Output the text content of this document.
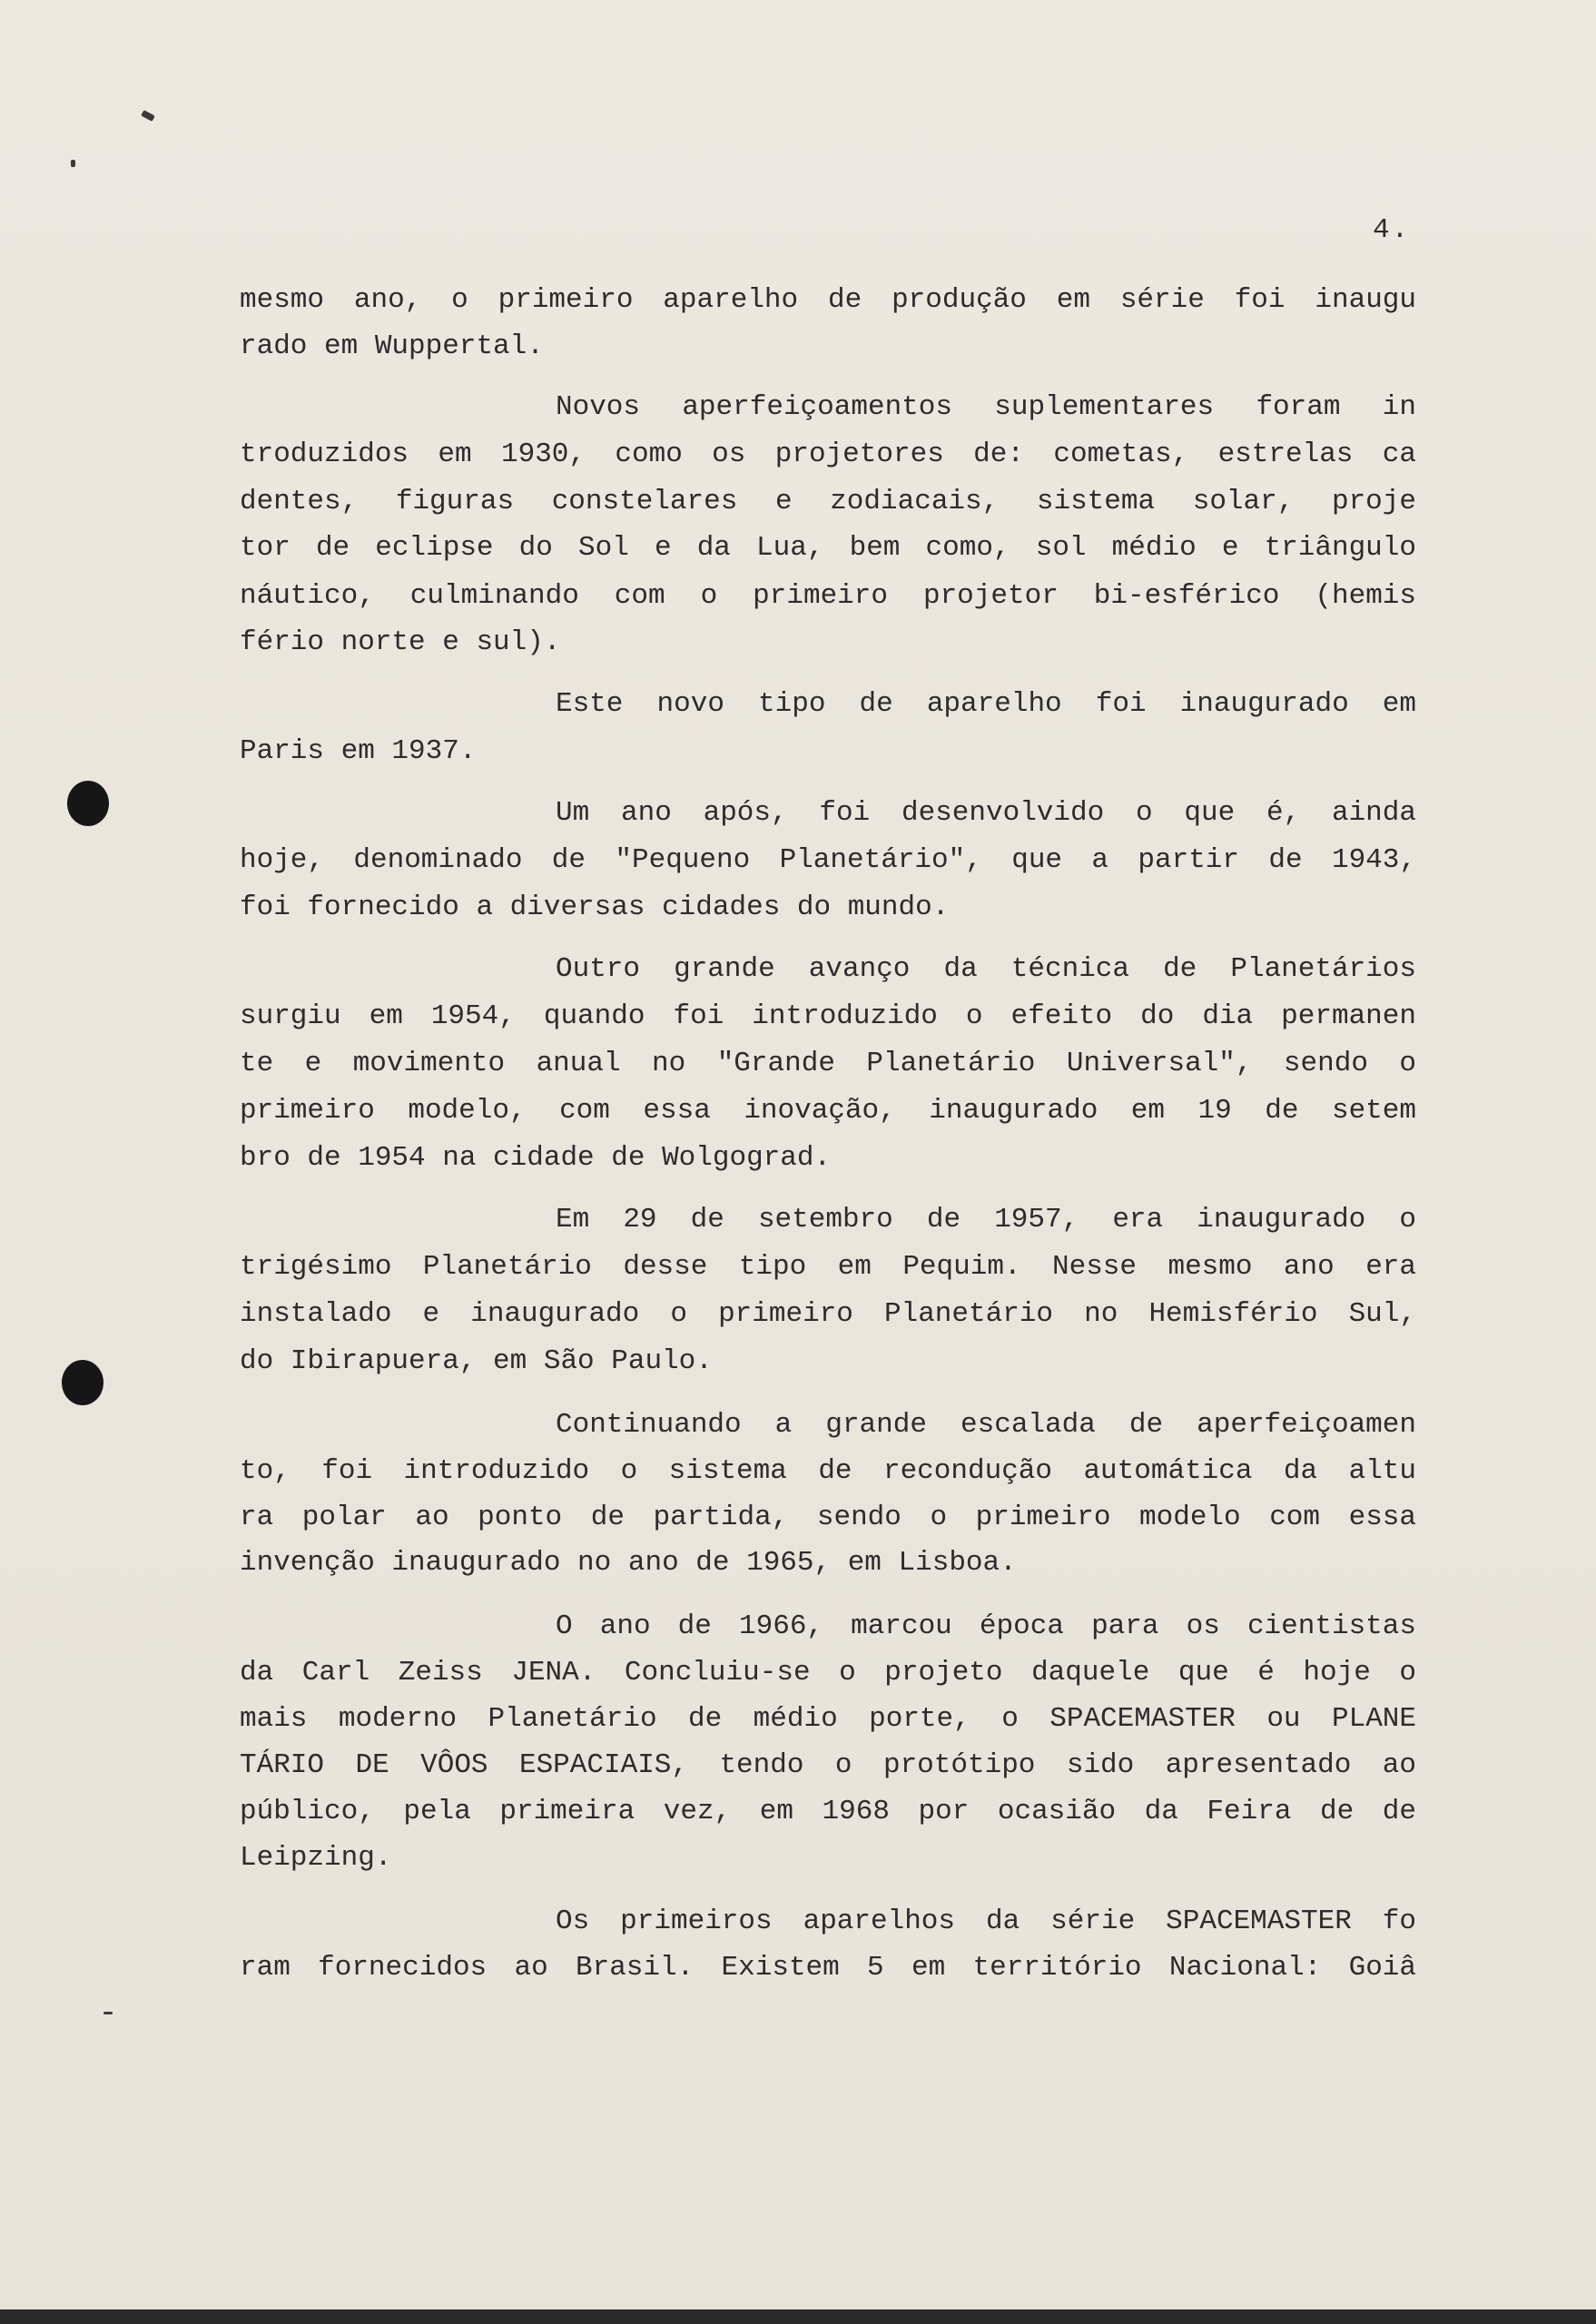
4.
mesmo ano, o primeiro aparelho de produção em série foi inaugu
rado em Wuppertal.
Novos aperfeiçoamentos suplementares foram in
troduzidos em 1930, como os projetores de: cometas, estrelas ca
dentes, figuras constelares e zodiacais, sistema solar, proje
tor de eclipse do Sol e da Lua, bem como, sol médio e triângulo
náutico, culminando com o primeiro projetor bi-esférico (hemis
fério norte e sul).
Este novo tipo de aparelho foi inaugurado em
Paris em 1937.
Um ano após, foi desenvolvido o que é, ainda
hoje, denominado de "Pequeno Planetário", que a partir de 1943,
foi fornecido a diversas cidades do mundo.
Outro grande avanço da técnica de Planetários
surgiu em 1954, quando foi introduzido o efeito do dia permanen
te e movimento anual no "Grande Planetário Universal", sendo o
primeiro modelo, com essa inovação, inaugurado em 19 de setem
bro de 1954 na cidade de Wolgograd.
Em 29 de setembro de 1957, era inaugurado o
trigésimo Planetário desse tipo em Pequim. Nesse mesmo ano era
instalado e inaugurado o primeiro Planetário no Hemisfério Sul,
do Ibirapuera, em São Paulo.
Continuando a grande escalada de aperfeiçoamen
to, foi introduzido o sistema de recondução automática da altu
ra polar ao ponto de partida, sendo o primeiro modelo com essa
invenção inaugurado no ano de 1965, em Lisboa.
O ano de 1966, marcou época para os cientistas
da Carl Zeiss JENA. Concluiu-se o projeto daquele que é hoje o
mais moderno Planetário de médio porte, o SPACEMASTER ou PLANE
TÁRIO DE VÔOS ESPACIAIS, tendo o protótipo sido apresentado ao
público, pela primeira vez, em 1968 por ocasião da Feira de de
Leipzing.
Os primeiros aparelhos da série SPACEMASTER fo
ram fornecidos ao Brasil. Existem 5 em território Nacional: Goiâ
